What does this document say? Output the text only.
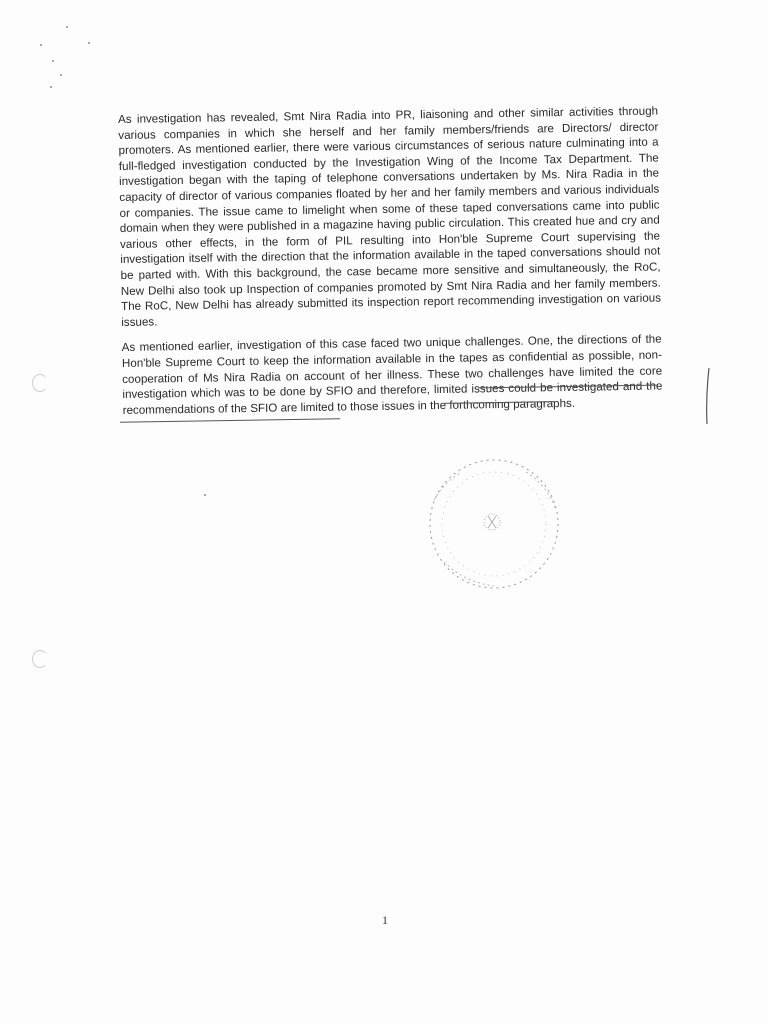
As investigation has revealed, Smt Nira Radia into PR, liaisoning and other similar activities through various companies in which she herself and her family members/friends are Directors/ director promoters. As mentioned earlier, there were various circumstances of serious nature culminating into a full-fledged investigation conducted by the Investigation Wing of the Income Tax Department. The investigation began with the taping of telephone conversations undertaken by Ms. Nira Radia in the capacity of director of various companies floated by her and her family members and various individuals or companies. The issue came to limelight when some of these taped conversations came into public domain when they were published in a magazine having public circulation. This created hue and cry and various other effects, in the form of PIL resulting into Hon'ble Supreme Court supervising the investigation itself with the direction that the information available in the taped conversations should not be parted with. With this background, the case became more sensitive and simultaneously, the RoC, New Delhi also took up Inspection of companies promoted by Smt Nira Radia and her family members. The RoC, New Delhi has already submitted its inspection report recommending investigation on various issues.

As mentioned earlier, investigation of this case faced two unique challenges. One, the directions of the Hon'ble Supreme Court to keep the information available in the tapes as confidential as possible, non-cooperation of Ms Nira Radia on account of her illness. These two challenges have limited the core investigation which was to be done by SFIO and therefore, limited issues could be investigated and the recommendations of the SFIO are limited to those issues in the forthcoming paragraphs.

1
